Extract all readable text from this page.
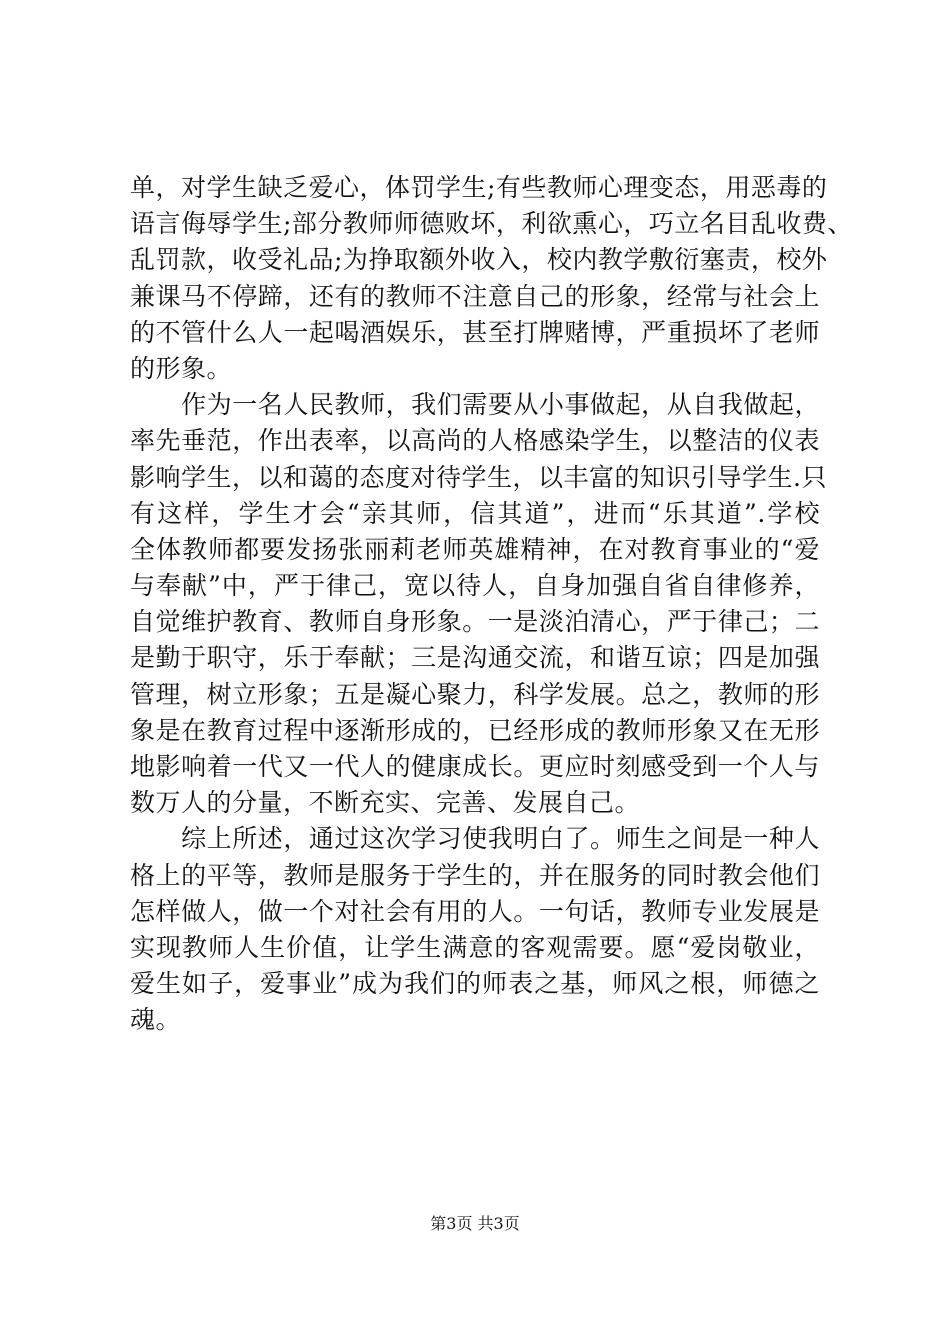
单，对学生缺乏爱心，体罚学生;有些教师心理变态，用恶毒的
语言侮辱学生;部分教师师德败坏，利欲熏心，巧立名目乱收费、
乱罚款，收受礼品;为挣取额外收入，校内教学敷衍塞责，校外
兼课马不停蹄，还有的教师不注意自己的形象，经常与社会上
的不管什么人一起喝酒娱乐，甚至打牌赌博，严重损坏了老师
的形象。
　　作为一名人民教师，我们需要从小事做起，从自我做起，
率先垂范，作出表率，以高尚的人格感染学生，以整洁的仪表
影响学生，以和蔼的态度对待学生，以丰富的知识引导学生.只
有这样，学生才会“亲其师，信其道”，进而“乐其道”.学校
全体教师都要发扬张丽莉老师英雄精神，在对教育事业的“爱
与奉献”中，严于律己，宽以待人，自身加强自省自律修养，
自觉维护教育、教师自身形象。一是淡泊清心，严于律己；二
是勤于职守，乐于奉献；三是沟通交流，和谐互谅；四是加强
管理，树立形象；五是凝心聚力，科学发展。总之，教师的形
象是在教育过程中逐渐形成的，已经形成的教师形象又在无形
地影响着一代又一代人的健康成长。更应时刻感受到一个人与
数万人的分量，不断充实、完善、发展自己。
　　综上所述，通过这次学习使我明白了。师生之间是一种人
格上的平等，教师是服务于学生的，并在服务的同时教会他们
怎样做人，做一个对社会有用的人。一句话，教师专业发展是
实现教师人生价值，让学生满意的客观需要。愿“爱岗敬业，
爱生如子，爱事业”成为我们的师表之基，师风之根，师德之
魂。
第3页 共3页
